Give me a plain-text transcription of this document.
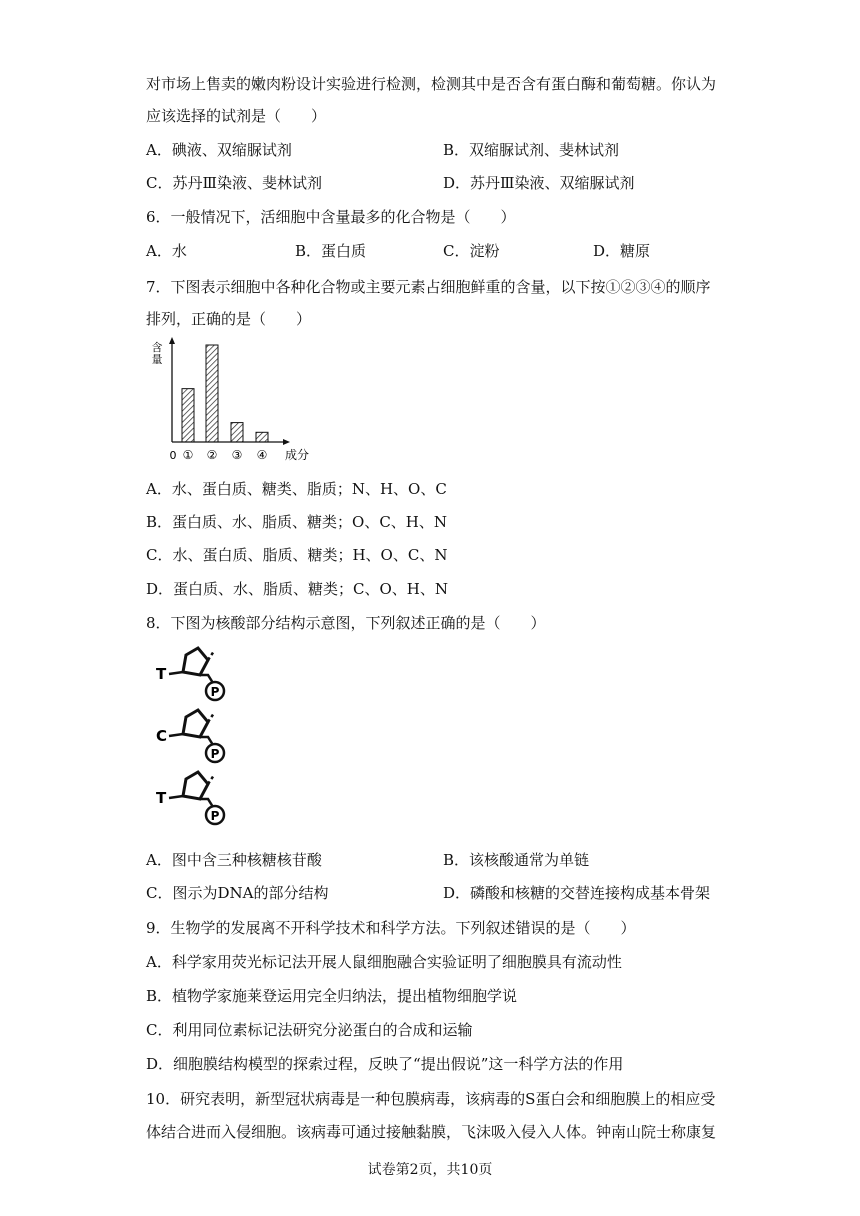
对市场上售卖的嫩肉粉设计实验进行检测，检测其中是否含有蛋白酶和葡萄糖。你认为
应该选择的试剂是（　　）
A．碘液、双缩脲试剂	B．双缩脲试剂、斐林试剂
C．苏丹Ⅲ染液、斐林试剂	D．苏丹Ⅲ染液、双缩脲试剂
6．一般情况下，活细胞中含量最多的化合物是（　　）
A．水	B．蛋白质	C．淀粉	D．糖原
7．下图表示细胞中各种化合物或主要元素占细胞鲜重的含量，以下按①②③④的顺序
排列，正确的是（　　）
含
量
0 ① ② ③ ④ 成分
A．水、蛋白质、糖类、脂质；N、H、O、C
B．蛋白质、水、脂质、糖类；O、C、H、N
C．水、蛋白质、脂质、糖类；H、O、C、N
D．蛋白质、水、脂质、糖类；C、O、H、N
8．下图为核酸部分结构示意图，下列叙述正确的是（　　）
T
P
C
P
T
P
A．图中含三种核糖核苷酸	B．该核酸通常为单链
C．图示为DNA的部分结构	D．磷酸和核糖的交替连接构成基本骨架
9．生物学的发展离不开科学技术和科学方法。下列叙述错误的是（　　）
A．科学家用荧光标记法开展人鼠细胞融合实验证明了细胞膜具有流动性
B．植物学家施莱登运用完全归纳法，提出植物细胞学说
C．利用同位素标记法研究分泌蛋白的合成和运输
D．细胞膜结构模型的探索过程，反映了“提出假说”这一科学方法的作用
10．研究表明，新型冠状病毒是一种包膜病毒，该病毒的S蛋白会和细胞膜上的相应受
体结合进而入侵细胞。该病毒可通过接触黏膜，飞沫吸入侵入人体。钟南山院士称康复
试卷第2页，共10页
